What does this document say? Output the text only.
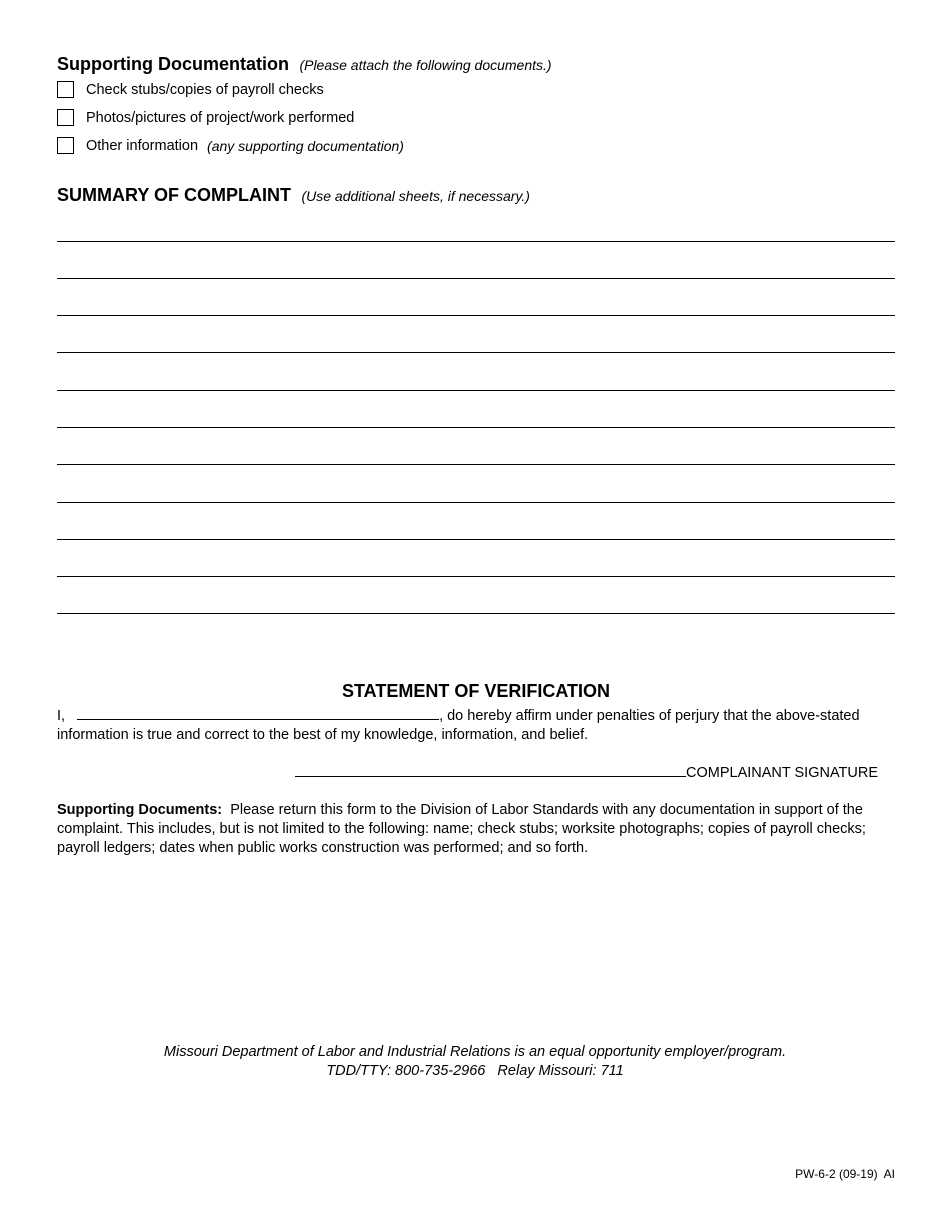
Supporting Documentation (Please attach the following documents.)
Check stubs/copies of payroll checks
Photos/pictures of project/work performed
Other information (any supporting documentation)
SUMMARY OF COMPLAINT (Use additional sheets, if necessary.)
STATEMENT OF VERIFICATION
I,	, do hereby affirm under penalties of perjury that the above-stated
information is true and correct to the best of my knowledge, information, and belief.
COMPLAINANT SIGNATURE
Supporting Documents: Please return this form to the Division of Labor Standards with any documentation in support of the complaint. This includes, but is not limited to the following: name; check stubs; worksite photographs; copies of payroll checks; payroll ledgers; dates when public works construction was performed; and so forth.
Missouri Department of Labor and Industrial Relations is an equal opportunity employer/program.
TDD/TTY: 800-735-2966   Relay Missouri: 711
PW-6-2 (09-19)  AI
